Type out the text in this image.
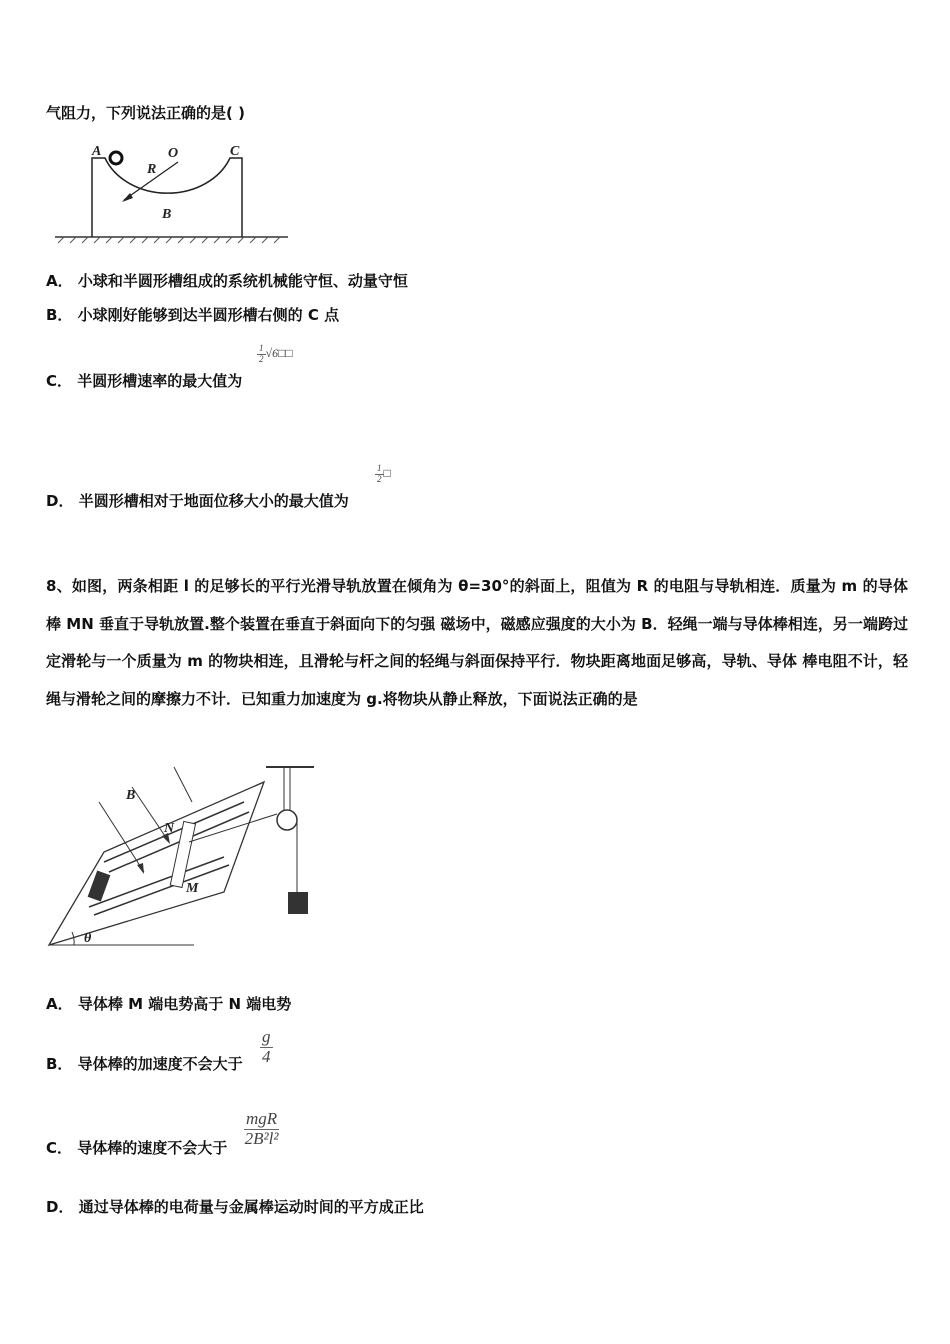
气阻力，下列说法正确的是( )
A	O	C
R
B
A． 小球和半圆形槽组成的系统机械能守恒、动量守恒
B． 小球刚好能够到达半圆形槽右侧的 C 点
C． 半圆形槽速率的最大值为
$\frac{1}{2}$ √6□□
D． 半圆形槽相对于地面位移大小的最大值为
$\frac{1}{2}$ □
8、如图，两条相距 l 的足够长的平行光滑导轨放置在倾角为 θ=30°的斜面上，阻值为 R 的电阻与导轨相连．质量为 m 的导体棒 MN 垂直于导轨放置.整个装置在垂直于斜面向下的匀强 磁场中，磁感应强度的大小为 B．轻绳一端与导体棒相连，另一端跨过定滑轮与一个质量为 m 的物块相连，且滑轮与杆之间的轻绳与斜面保持平行．物块距离地面足够高，导轨、导体 棒电阻不计，轻绳与滑轮之间的摩擦力不计．已知重力加速度为 g.将物块从静止释放，下面说法正确的是
θ
B
N
M
A． 导体棒 M 端电势高于 N 端电势
B． 导体棒的加速度不会大于 $\frac{g}{4}$
C． 导体棒的速度不会大于 $\frac{\text{mgR}}{\text{2B²l²}}$
D． 通过导体棒的电荷量与金属棒运动时间的平方成正比
